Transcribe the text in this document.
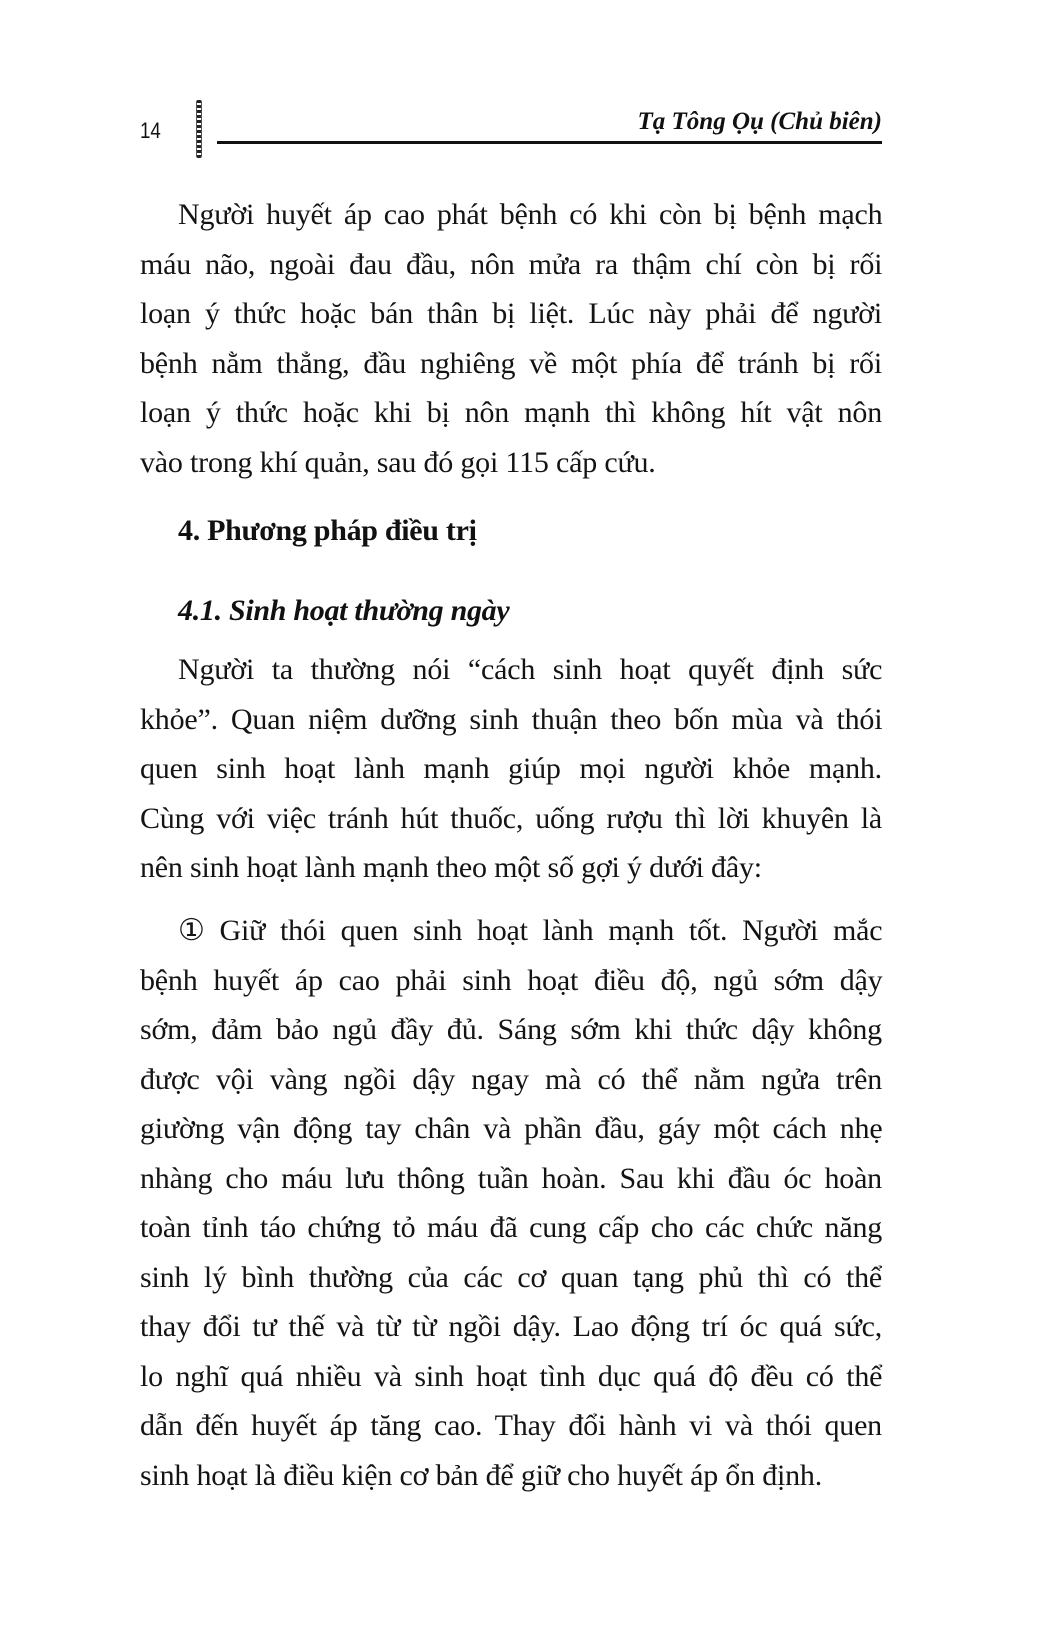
14	Tạ Tông Ọụ (Chủ biên)
Người huyết áp cao phát bệnh có khi còn bị bệnh mạch
máu não, ngoài đau đầu, nôn mửa ra thậm chí còn bị rối
loạn ý thức hoặc bán thân bị liệt. Lúc này phải để người
bệnh nằm thẳng, đầu nghiêng về một phía để tránh bị rối
loạn ý thức hoặc khi bị nôn mạnh thì không hít vật nôn
vào trong khí quản, sau đó gọi 115 cấp cứu.
4. Phương pháp điều trị
4.1. Sinh hoạt thường ngày
Người ta thường nói “cách sinh hoạt quyết định sức
khỏe”. Quan niệm dưỡng sinh thuận theo bốn mùa và thói
quen sinh hoạt lành mạnh giúp mọi người khỏe mạnh.
Cùng với việc tránh hút thuốc, uống rượu thì lời khuyên là
nên sinh hoạt lành mạnh theo một số gợi ý dưới đây:
① Giữ thói quen sinh hoạt lành mạnh tốt. Người mắc
bệnh huyết áp cao phải sinh hoạt điều độ, ngủ sớm dậy
sớm, đảm bảo ngủ đầy đủ. Sáng sớm khi thức dậy không
được vội vàng ngồi dậy ngay mà có thể nằm ngửa trên
giường vận động tay chân và phần đầu, gáy một cách nhẹ
nhàng cho máu lưu thông tuần hoàn. Sau khi đầu óc hoàn
toàn tỉnh táo chứng tỏ máu đã cung cấp cho các chức năng
sinh lý bình thường của các cơ quan tạng phủ thì có thể
thay đổi tư thế và từ từ ngồi dậy. Lao động trí óc quá sức,
lo nghĩ quá nhiều và sinh hoạt tình dục quá độ đều có thể
dẫn đến huyết áp tăng cao. Thay đổi hành vi và thói quen
sinh hoạt là điều kiện cơ bản để giữ cho huyết áp ổn định.
